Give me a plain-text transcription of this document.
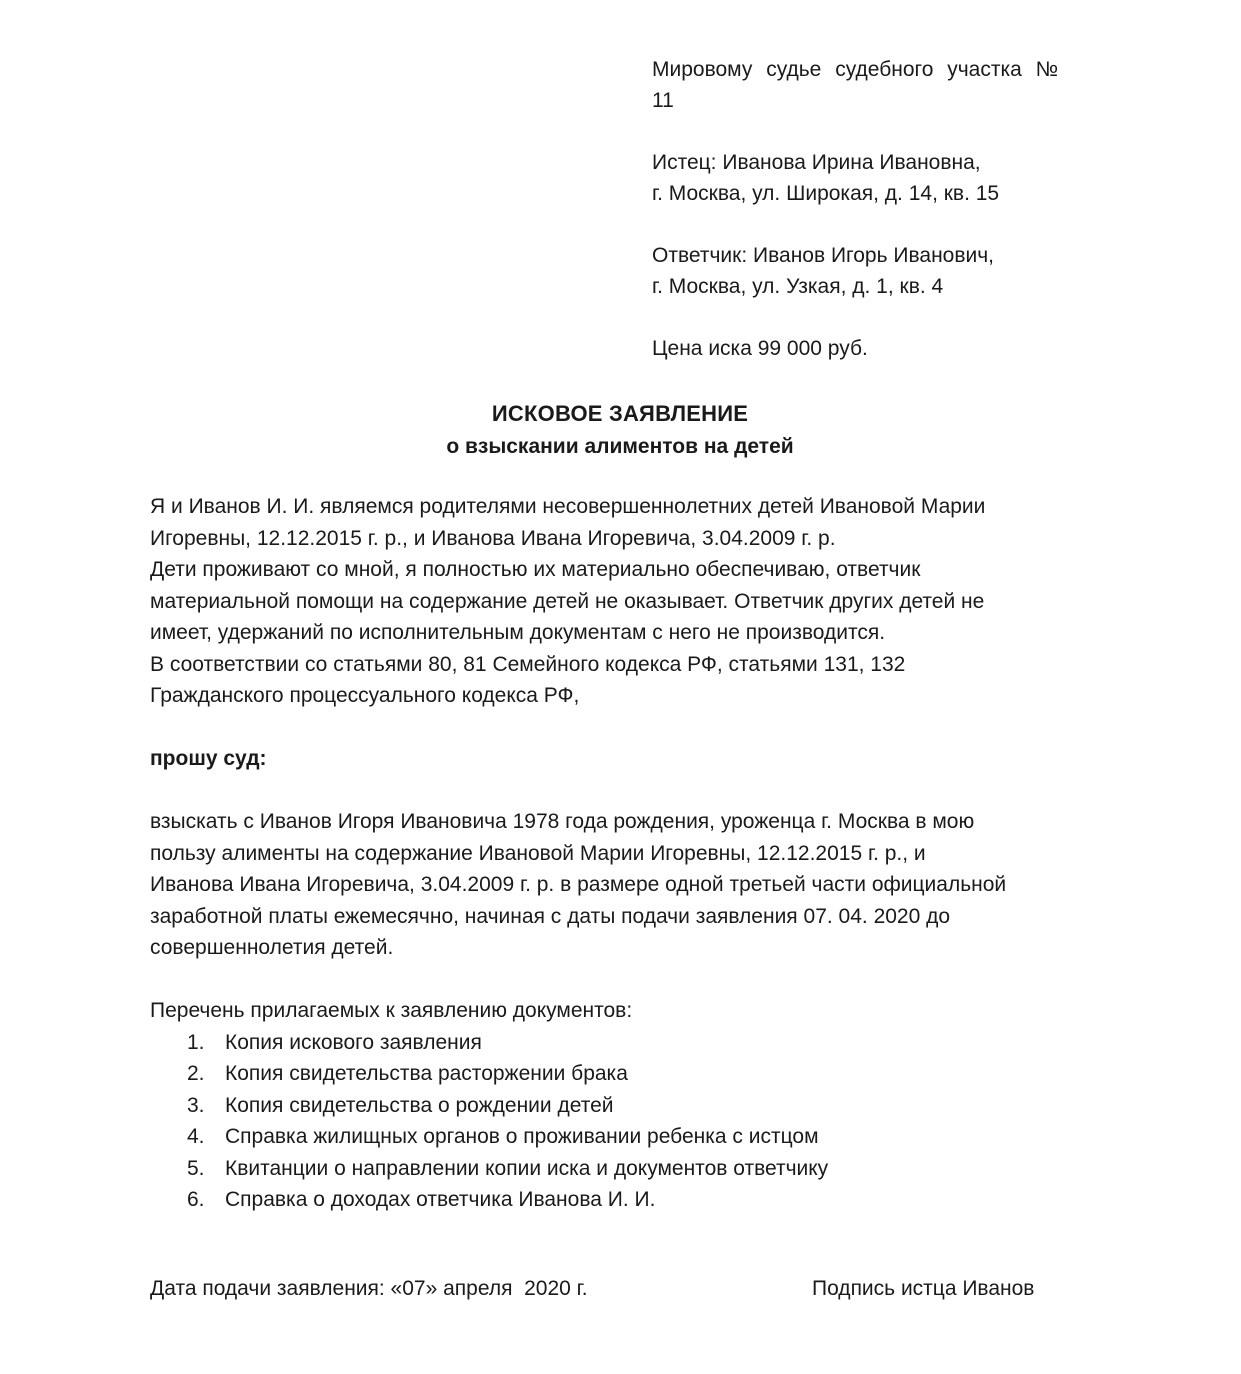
Мировому судье судебного участка №
11
Истец: Иванова Ирина Ивановна,
г. Москва, ул. Широкая, д. 14, кв. 15
Ответчик: Иванов Игорь Иванович,
г. Москва, ул. Узкая, д. 1, кв. 4
Цена иска 99 000 руб.
ИСКОВОЕ ЗАЯВЛЕНИЕ
о взыскании алиментов на детей
Я и Иванов И. И. являемся родителями несовершеннолетних детей Ивановой Марии
Игоревны, 12.12.2015 г. р., и Иванова Ивана Игоревича, 3.04.2009 г. р.
Дети проживают со мной, я полностью их материально обеспечиваю, ответчик
материальной помощи на содержание детей не оказывает. Ответчик других детей не
имеет, удержаний по исполнительным документам с него не производится.
В соответствии со статьями 80, 81 Семейного кодекса РФ, статьями 131, 132
Гражданского процессуального кодекса РФ,
прошу суд:
взыскать с Иванов Игоря Ивановича 1978 года рождения, уроженца г. Москва в мою
пользу алименты на содержание Ивановой Марии Игоревны, 12.12.2015 г. р., и
Иванова Ивана Игоревича, 3.04.2009 г. р. в размере одной третьей части официальной
заработной платы ежемесячно, начиная с даты подачи заявления 07. 04. 2020 до
совершеннолетия детей.
Перечень прилагаемых к заявлению документов:
1. Копия искового заявления
2. Копия свидетельства расторжении брака
3. Копия свидетельства о рождении детей
4. Справка жилищных органов о проживании ребенка с истцом
5. Квитанции о направлении копии иска и документов ответчику
6. Справка о доходах ответчика Иванова И. И.
Дата подачи заявления: «07» апреля  2020 г.	Подпись истца Иванов
